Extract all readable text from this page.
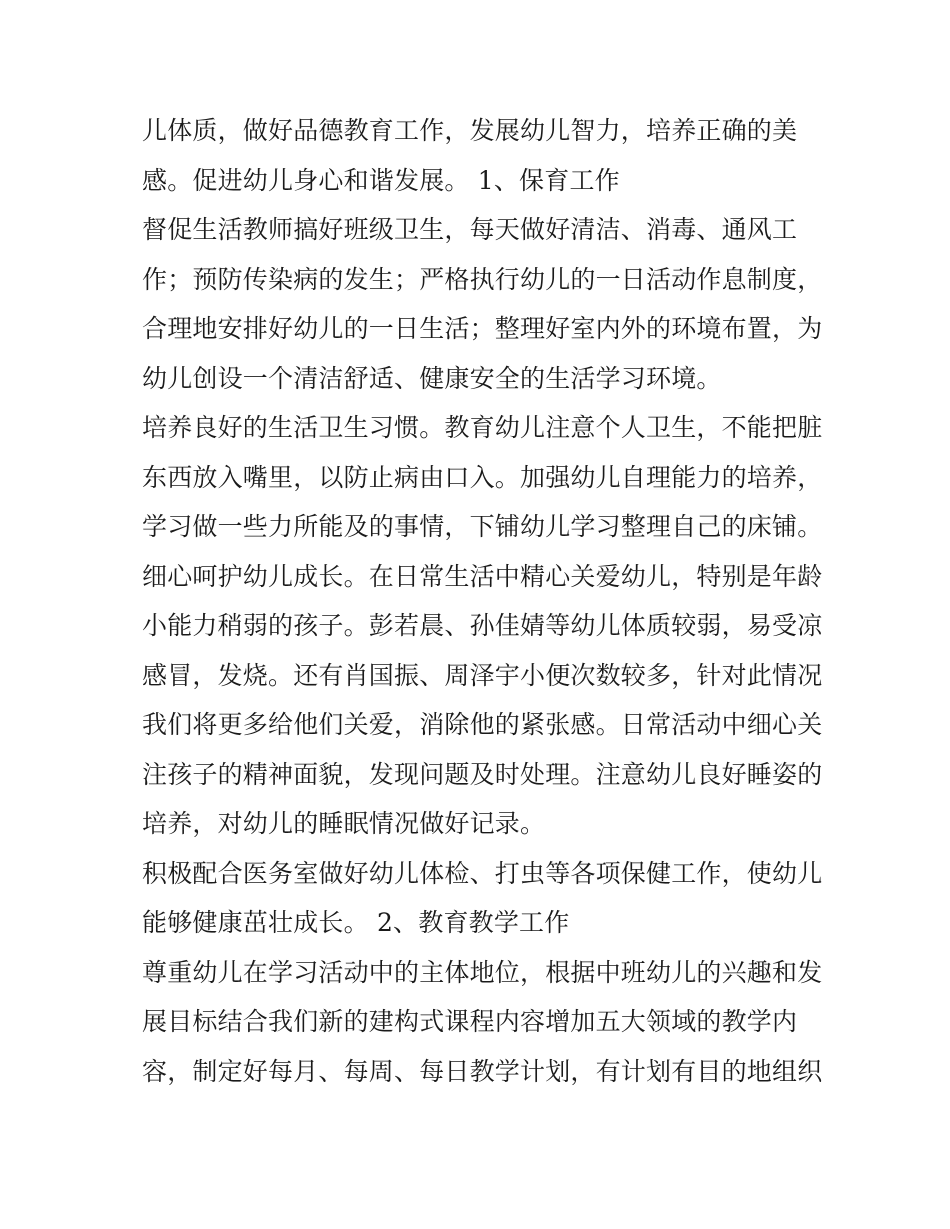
儿体质，做好品德教育工作，发展幼儿智力，培养正确的美
感。促进幼儿身心和谐发展。 1、保育工作
督促生活教师搞好班级卫生，每天做好清洁、消毒、通风工
作；预防传染病的发生；严格执行幼儿的一日活动作息制度，
合理地安排好幼儿的一日生活；整理好室内外的环境布置，为
幼儿创设一个清洁舒适、健康安全的生活学习环境。
培养良好的生活卫生习惯。教育幼儿注意个人卫生，不能把脏
东西放入嘴里，以防止病由口入。加强幼儿自理能力的培养，
学习做一些力所能及的事情，下铺幼儿学习整理自己的床铺。
细心呵护幼儿成长。在日常生活中精心关爱幼儿，特别是年龄
小能力稍弱的孩子。彭若晨、孙佳婧等幼儿体质较弱，易受凉
感冒，发烧。还有肖国振、周泽宇小便次数较多，针对此情况
我们将更多给他们关爱，消除他的紧张感。日常活动中细心关
注孩子的精神面貌，发现问题及时处理。注意幼儿良好睡姿的
培养，对幼儿的睡眠情况做好记录。
积极配合医务室做好幼儿体检、打虫等各项保健工作，使幼儿
能够健康茁壮成长。 2、教育教学工作
尊重幼儿在学习活动中的主体地位，根据中班幼儿的兴趣和发
展目标结合我们新的建构式课程内容增加五大领域的教学内
容，制定好每月、每周、每日教学计划，有计划有目的地组织
